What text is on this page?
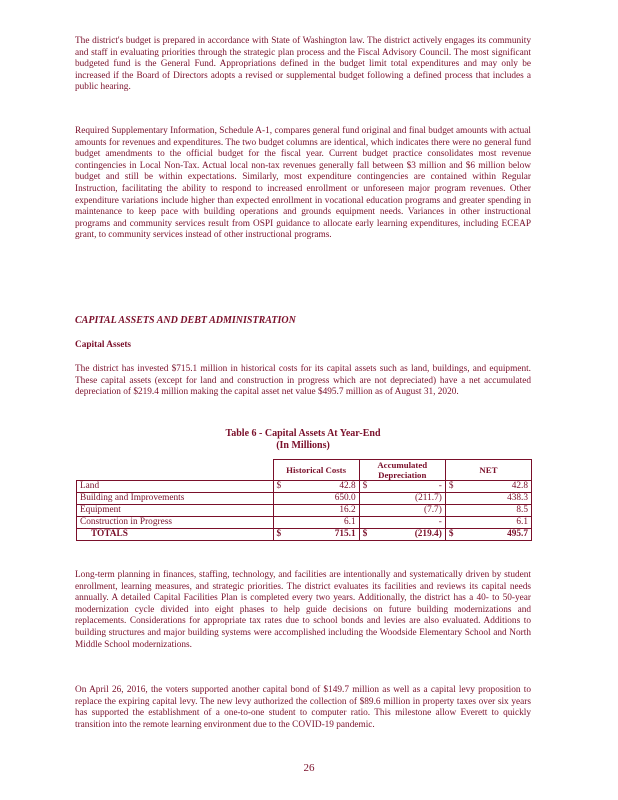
The district's budget is prepared in accordance with State of Washington law. The district actively engages its community and staff in evaluating priorities through the strategic plan process and the Fiscal Advisory Council. The most significant budgeted fund is the General Fund. Appropriations defined in the budget limit total expenditures and may only be increased if the Board of Directors adopts a revised or supplemental budget following a defined process that includes a public hearing.

Required Supplementary Information, Schedule A-1, compares general fund original and final budget amounts with actual amounts for revenues and expenditures. The two budget columns are identical, which indicates there were no general fund budget amendments to the official budget for the fiscal year. Current budget practice consolidates most revenue contingencies in Local Non-Tax. Actual local non-tax revenues generally fall between $3 million and $6 million below budget and still be within expectations. Similarly, most expenditure contingencies are contained within Regular Instruction, facilitating the ability to respond to increased enrollment or unforeseen major program revenues. Other expenditure variations include higher than expected enrollment in vocational education programs and greater spending in maintenance to keep pace with building operations and grounds equipment needs. Variances in other instructional programs and community services result from OSPI guidance to allocate early learning expenditures, including ECEAP grant, to community services instead of other instructional programs.

CAPITAL ASSETS AND DEBT ADMINISTRATION

Capital Assets

The district has invested $715.1 million in historical costs for its capital assets such as land, buildings, and equipment. These capital assets (except for land and construction in progress which are not depreciated) have a net accumulated depreciation of $219.4 million making the capital asset net value $495.7 million as of August 31, 2020.

Table 6 - Capital Assets At Year-End
(In Millions)
	Historical Costs		Accumulated Depreciation		NET	
Land	$	42.8	$	-	$	42.8
Building and Improvements		650.0		(211.7)		438.3
Equipment		16.2		(7.7)		8.5
Construction in Progress		6.1		-		6.1
TOTALS	$	715.1	$	(219.4)	$	495.7

Long-term planning in finances, staffing, technology, and facilities are intentionally and systematically driven by student enrollment, learning measures, and strategic priorities. The district evaluates its facilities and reviews its capital needs annually. A detailed Capital Facilities Plan is completed every two years. Additionally, the district has a 40- to 50-year modernization cycle divided into eight phases to help guide decisions on future building modernizations and replacements. Considerations for appropriate tax rates due to school bonds and levies are also evaluated. Additions to building structures and major building systems were accomplished including the Woodside Elementary School and North Middle School modernizations.

On April 26, 2016, the voters supported another capital bond of $149.7 million as well as a capital levy proposition to replace the expiring capital levy. The new levy authorized the collection of $89.6 million in property taxes over six years has supported the establishment of a one-to-one student to computer ratio. This milestone allow Everett to quickly transition into the remote learning environment due to the COVID-19 pandemic.

26
